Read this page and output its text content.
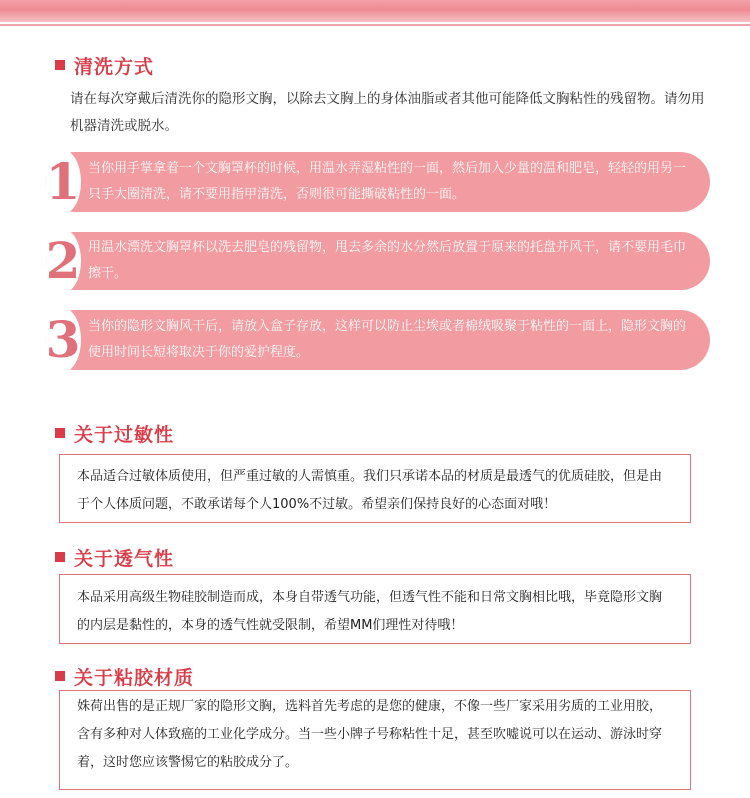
清洗方式

请在每次穿戴后清洗你的隐形文胸，以除去文胸上的身体油脂或者其他可能降低文胸粘性的残留物。请勿用机器清洗或脱水。

1 当你用手掌拿着一个文胸罩杯的时候，用温水弄湿粘性的一面，然后加入少量的温和肥皂，轻轻的用另一只手大圈清洗，请不要用指甲清洗，否则很可能撕破粘性的一面。

2 用温水漂洗文胸罩杯以洗去肥皂的残留物，甩去多余的水分然后放置于原来的托盘并风干，请不要用毛巾擦干。

3 当你的隐形文胸风干后，请放入盒子存放，这样可以防止尘埃或者棉绒吸聚于粘性的一面上，隐形文胸的使用时间长短将取决于你的爱护程度。

关于过敏性

本品适合过敏体质使用，但严重过敏的人需慎重。我们只承诺本品的材质是最透气的优质硅胶，但是由于个人体质问题，不敢承诺每个人100%不过敏。希望亲们保持良好的心态面对哦！

关于透气性

本品采用高级生物硅胶制造而成，本身自带透气功能，但透气性不能和日常文胸相比哦，毕竟隐形文胸的内层是黏性的，本身的透气性就受限制，希望MM们理性对待哦！

关于粘胶材质

姝荷出售的是正规厂家的隐形文胸，选料首先考虑的是您的健康，不像一些厂家采用劣质的工业用胶，含有多种对人体致癌的工业化学成分。当一些小牌子号称粘性十足，甚至吹嘘说可以在运动、游泳时穿着，这时您应该警惕它的粘胶成分了。
